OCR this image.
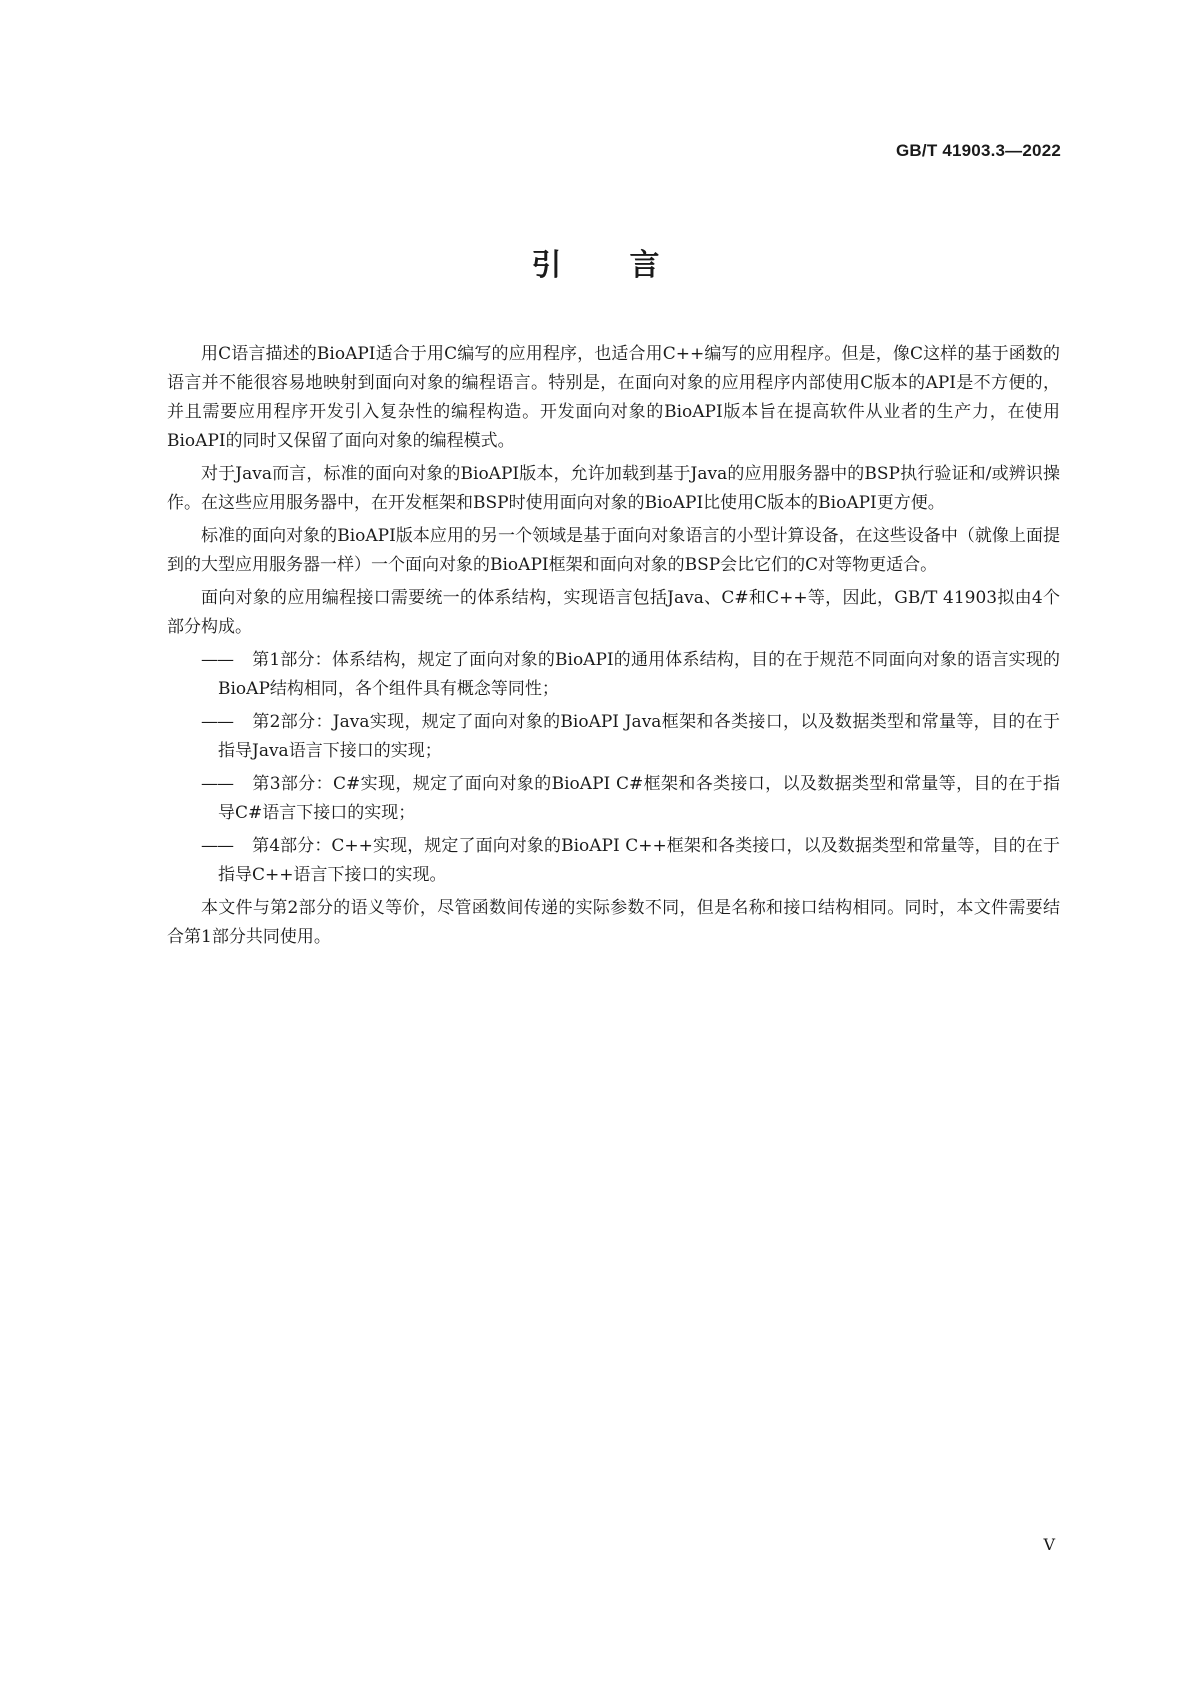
GB/T 41903.3—2022
引言

用C语言描述的BioAPI适合于用C编写的应用程序，也适合用C++编写的应用程序。但是，像C这样的基于函数的语言并不能很容易地映射到面向对象的编程语言。特别是，在面向对象的应用程序内部使用C版本的API是不方便的，并且需要应用程序开发引入复杂性的编程构造。开发面向对象的BioAPI版本旨在提高软件从业者的生产力，在使用BioAPI的同时又保留了面向对象的编程模式。

对于Java而言，标准的面向对象的BioAPI版本，允许加载到基于Java的应用服务器中的BSP执行验证和/或辨识操作。在这些应用服务器中，在开发框架和BSP时使用面向对象的BioAPI比使用C版本的BioAPI更方便。

标准的面向对象的BioAPI版本应用的另一个领域是基于面向对象语言的小型计算设备，在这些设备中（就像上面提到的大型应用服务器一样）一个面向对象的BioAPI框架和面向对象的BSP会比它们的C对等物更适合。

面向对象的应用编程接口需要统一的体系结构，实现语言包括Java、C#和C++等，因此，GB/T 41903拟由4个部分构成。

—— 第1部分：体系结构，规定了面向对象的BioAPI的通用体系结构，目的在于规范不同面向对象的语言实现的BioAP结构相同，各个组件具有概念等同性；
—— 第2部分：Java实现，规定了面向对象的BioAPI Java框架和各类接口，以及数据类型和常量等，目的在于指导Java语言下接口的实现；
—— 第3部分：C#实现，规定了面向对象的BioAPI C#框架和各类接口，以及数据类型和常量等，目的在于指导C#语言下接口的实现；
—— 第4部分：C++实现，规定了面向对象的BioAPI C++框架和各类接口，以及数据类型和常量等，目的在于指导C++语言下接口的实现。

本文件与第2部分的语义等价，尽管函数间传递的实际参数不同，但是名称和接口结构相同。同时，本文件需要结合第1部分共同使用。

V
